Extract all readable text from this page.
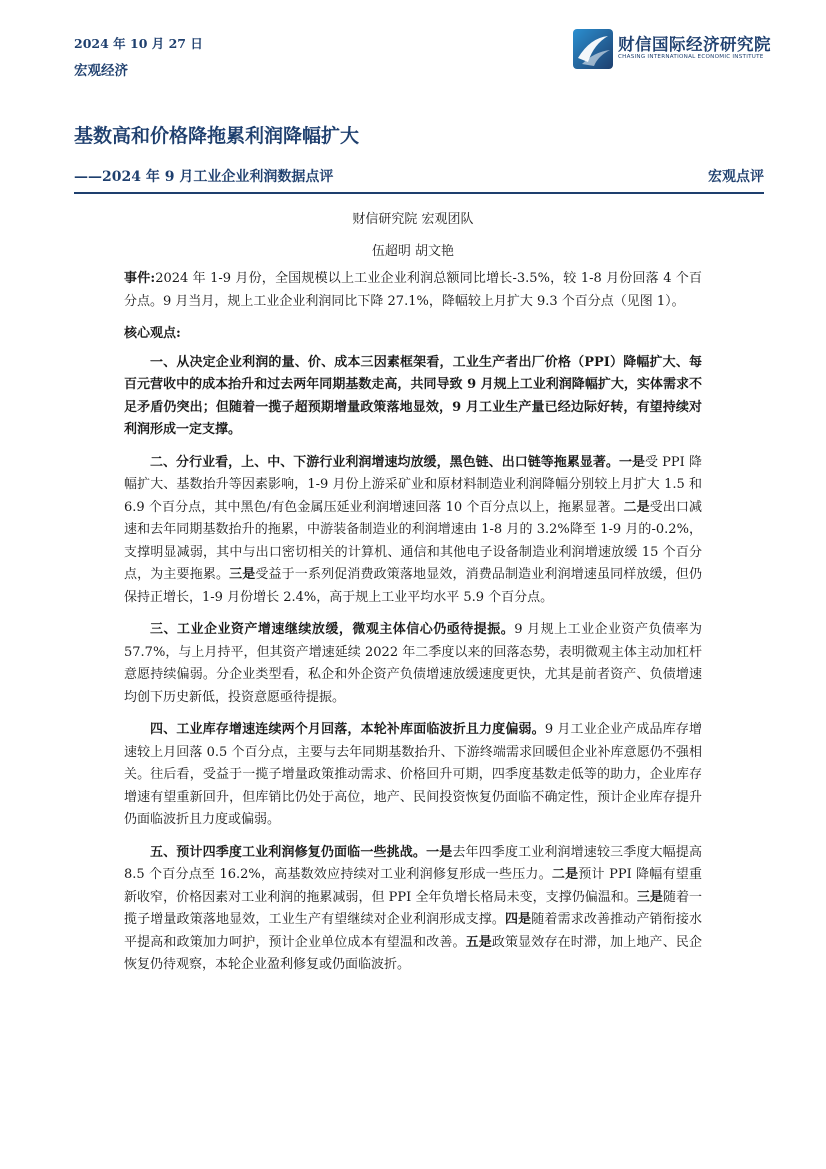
2024 年 10 月 27 日
宏观经济
财信国际经济研究院
CHASING INTERNATIONAL ECONOMIC INSTITUTE
基数高和价格降拖累利润降幅扩大
——2024 年 9 月工业企业利润数据点评	宏观点评
财信研究院 宏观团队
伍超明 胡文艳

事件:2024 年 1-9 月份，全国规模以上工业企业利润总额同比增长-3.5%，较 1-8 月份回落 4 个百分点。9 月当月，规上工业企业利润同比下降 27.1%，降幅较上月扩大 9.3 个百分点（见图 1）。

核心观点:

一、从决定企业利润的量、价、成本三因素框架看，工业生产者出厂价格（PPI）降幅扩大、每百元营收中的成本抬升和过去两年同期基数走高，共同导致 9 月规上工业利润降幅扩大，实体需求不足矛盾仍突出；但随着一揽子超预期增量政策落地显效，9 月工业生产量已经边际好转，有望持续对利润形成一定支撑。

二、分行业看，上、中、下游行业利润增速均放缓，黑色链、出口链等拖累显著。一是受 PPI 降幅扩大、基数抬升等因素影响，1-9 月份上游采矿业和原材料制造业利润降幅分别较上月扩大 1.5 和 6.9 个百分点，其中黑色/有色金属压延业利润增速回落 10 个百分点以上，拖累显著。二是受出口减速和去年同期基数抬升的拖累，中游装备制造业的利润增速由 1-8 月的 3.2%降至 1-9 月的-0.2%，支撑明显减弱，其中与出口密切相关的计算机、通信和其他电子设备制造业利润增速放缓 15 个百分点，为主要拖累。三是受益于一系列促消费政策落地显效，消费品制造业利润增速虽同样放缓，但仍保持正增长，1-9 月份增长 2.4%，高于规上工业平均水平 5.9 个百分点。

三、工业企业资产增速继续放缓，微观主体信心仍亟待提振。9 月规上工业企业资产负债率为 57.7%，与上月持平，但其资产增速延续 2022 年二季度以来的回落态势，表明微观主体主动加杠杆意愿持续偏弱。分企业类型看，私企和外企资产负债增速放缓速度更快，尤其是前者资产、负债增速均创下历史新低，投资意愿亟待提振。

四、工业库存增速连续两个月回落，本轮补库面临波折且力度偏弱。9 月工业企业产成品库存增速较上月回落 0.5 个百分点，主要与去年同期基数抬升、下游终端需求回暖但企业补库意愿仍不强相关。往后看，受益于一揽子增量政策推动需求、价格回升可期，四季度基数走低等的助力，企业库存增速有望重新回升，但库销比仍处于高位，地产、民间投资恢复仍面临不确定性，预计企业库存提升仍面临波折且力度或偏弱。

五、预计四季度工业利润修复仍面临一些挑战。一是去年四季度工业利润增速较三季度大幅提高 8.5 个百分点至 16.2%，高基数效应持续对工业利润修复形成一些压力。二是预计 PPI 降幅有望重新收窄，价格因素对工业利润的拖累减弱，但 PPI 全年负增长格局未变，支撑仍偏温和。三是随着一揽子增量政策落地显效，工业生产有望继续对企业利润形成支撑。四是随着需求改善推动产销衔接水平提高和政策加力呵护，预计企业单位成本有望温和改善。五是政策显效存在时滞，加上地产、民企恢复仍待观察，本轮企业盈利修复或仍面临波折。
